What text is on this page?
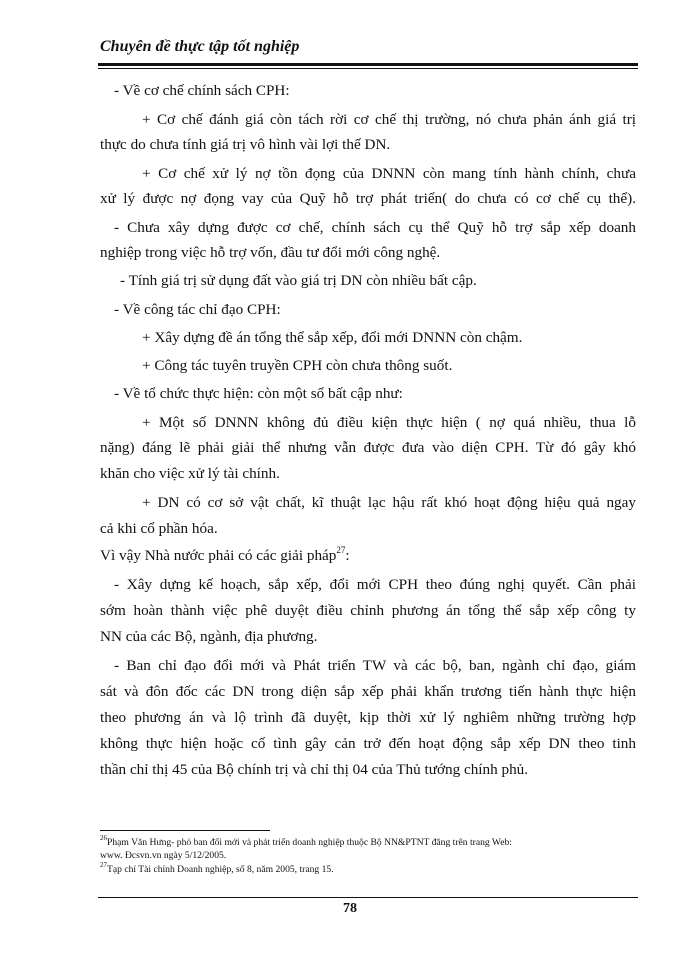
Chuyên đề thực tập tốt nghiệp
- Về cơ chế chính sách CPH:
+ Cơ chế đánh giá còn tách rời cơ chế thị trường, nó chưa phản ánh giá trị
thực do chưa tính giá trị vô hình vài lợi thế DN.
+ Cơ chế xử lý nợ tồn đọng của DNNN còn mang tính hành chính, chưa
xử lý được nợ đọng vay của Quỹ hỗ trợ phát triển( do chưa có cơ chế cụ thể).
- Chưa xây dựng được cơ chế, chính sách cụ thể Quỹ hỗ trợ sắp xếp doanh
nghiệp trong việc hỗ trợ vốn, đầu tư đổi mới công nghệ.
- Tính giá trị sử dụng đất vào giá trị DN còn nhiều bất cập.
- Về công tác chỉ đạo CPH:
+ Xây dựng đề án tổng thể sắp xếp, đổi mới DNNN còn chậm.
+ Công tác tuyên truyền CPH còn chưa thông suốt.
- Về tổ chức thực hiện: còn một số bất cập như:
+ Một số DNNN không đủ điều kiện thực hiện ( nợ quá nhiều, thua lỗ
nặng) đáng lẽ phải giải thể nhưng vẫn được đưa vào diện CPH. Từ đó gây khó
khăn cho việc xử lý tài chính.
+ DN có cơ sở vật chất, kĩ thuật lạc hậu rất khó hoạt động hiệu quả ngay
cả khi cổ phần hóa.
Vì vậy Nhà nước phải có các giải pháp$^{27}$:
- Xây dựng kế hoạch, sắp xếp, đổi mới CPH theo đúng nghị quyết. Cần phải
sớm hoàn thành việc phê duyệt điều chỉnh phương án tổng thể sắp xếp công ty
NN của các Bộ, ngành, địa phương.
- Ban chỉ đạo đổi mới và Phát triển TW và các bộ, ban, ngành chỉ đạo, giám
sát và đôn đốc các DN trong diện sắp xếp phải khẩn trương tiến hành thực hiện
theo phương án và lộ trình đã duyệt, kịp thời xử lý nghiêm những trường hợp
không thực hiện hoặc cố tình gây cản trở đến hoạt động sắp xếp DN theo tinh
thần chỉ thị 45 của Bộ chính trị và chỉ thị 04 của Thủ tướng chính phủ.
$^{26}$Phạm Văn Hưng- phó ban đổi mới và phát triển doanh nghiệp thuộc Bộ NN&PTNT đăng trên trang Web:
www. Đcsvn.vn ngày 5/12/2005.
$^{27}$Tạp chí Tài chính Doanh nghiệp, số 8, năm 2005, trang 15.
78
